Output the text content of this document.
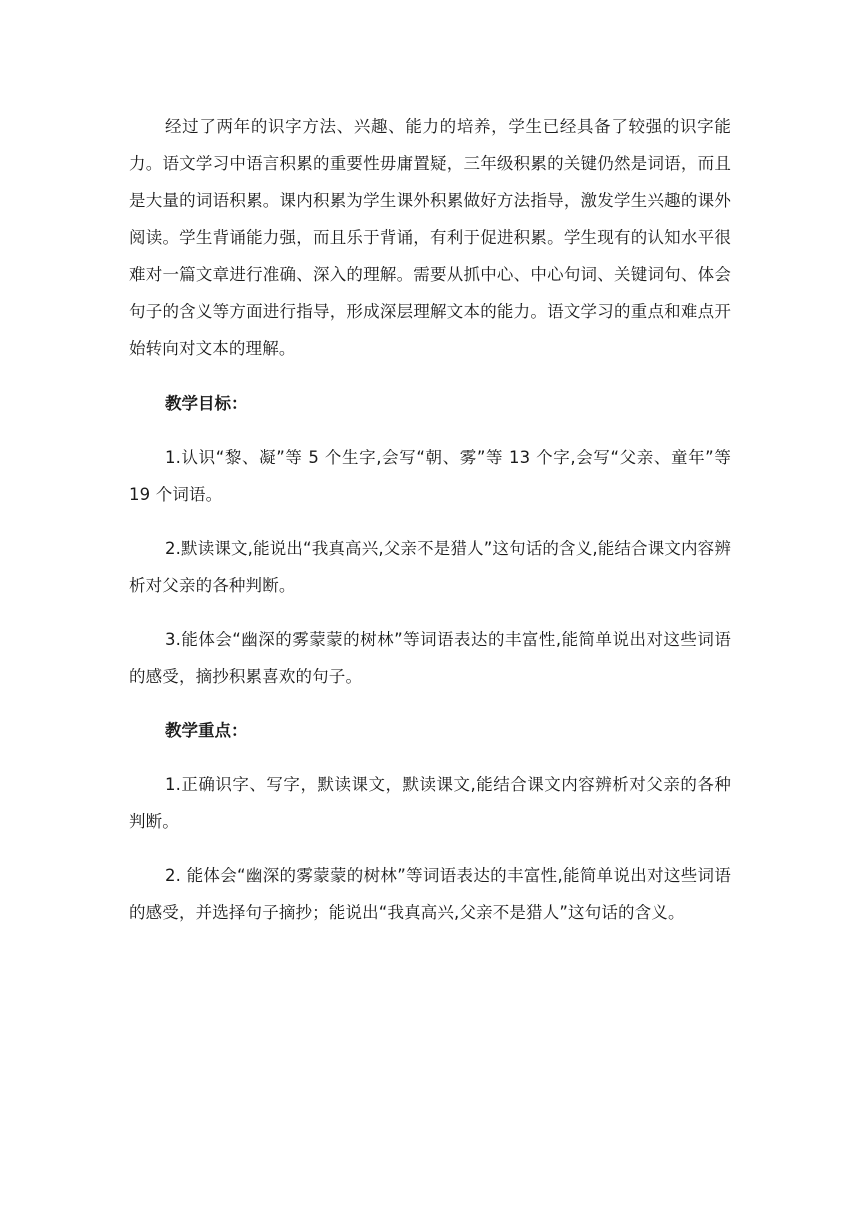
经过了两年的识字方法、兴趣、能力的培养，学生已经具备了较强的识字能力。语文学习中语言积累的重要性毋庸置疑，三年级积累的关键仍然是词语，而且是大量的词语积累。课内积累为学生课外积累做好方法指导，激发学生兴趣的课外阅读。学生背诵能力强，而且乐于背诵，有利于促进积累。学生现有的认知水平很难对一篇文章进行准确、深入的理解。需要从抓中心、中心句词、关键词句、体会句子的含义等方面进行指导，形成深层理解文本的能力。语文学习的重点和难点开始转向对文本的理解。

教学目标：

1.认识“黎、凝”等 5 个生字,会写“朝、雾”等 13 个字,会写“父亲、童年”等 19 个词语。

2.默读课文,能说出“我真高兴,父亲不是猎人”这句话的含义,能结合课文内容辨析对父亲的各种判断。

3.能体会“幽深的雾蒙蒙的树林”等词语表达的丰富性,能简单说出对这些词语的感受，摘抄积累喜欢的句子。

教学重点：

1.正确识字、写字，默读课文，默读课文,能结合课文内容辨析对父亲的各种判断。

2. 能体会“幽深的雾蒙蒙的树林”等词语表达的丰富性,能简单说出对这些词语的感受，并选择句子摘抄；能说出“我真高兴,父亲不是猎人”这句话的含义。
